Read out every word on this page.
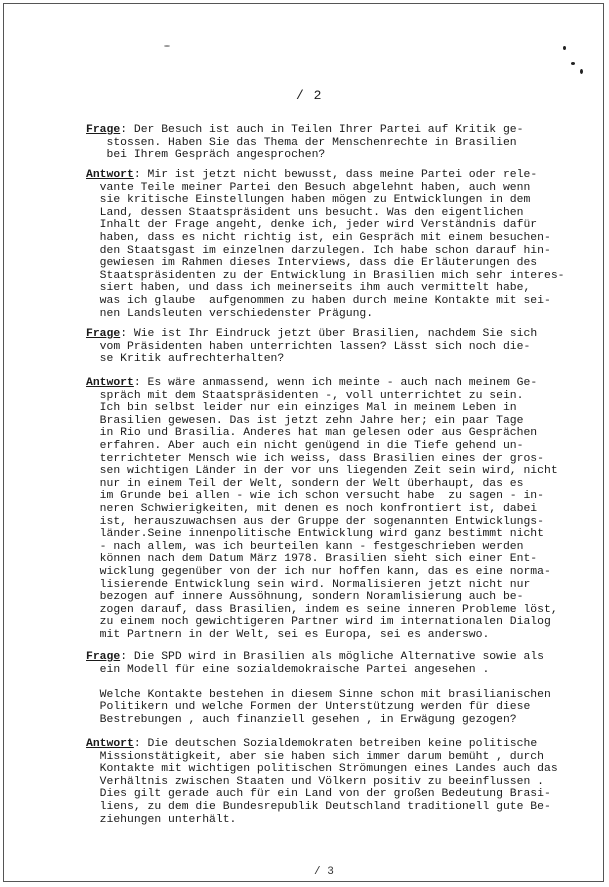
/ 2
Frage: Der Besuch ist auch in Teilen Ihrer Partei auf Kritik ge-
stossen. Haben Sie das Thema der Menschenrechte in Brasilien
bei Ihrem Gespräch angesprochen?
Antwort: Mir ist jetzt nicht bewusst, dass meine Partei oder rele-
vante Teile meiner Partei den Besuch abgelehnt haben, auch wenn
sie kritische Einstellungen haben mögen zu Entwicklungen in dem
Land, dessen Staatspräsident uns besucht. Was den eigentlichen
Inhalt der Frage angeht, denke ich, jeder wird Verständnis dafür
haben, dass es nicht richtig ist, ein Gespräch mit einem besuchen-
den Staatsgast im einzelnen darzulegen. Ich habe schon darauf hin-
gewiesen im Rahmen dieses Interviews, dass die Erläuterungen des
Staatspräsidenten zu der Entwicklung in Brasilien mich sehr interes-
siert haben, und dass ich meinerseits ihm auch vermittelt habe,
was ich glaube  aufgenommen zu haben durch meine Kontakte mit sei-
nen Landsleuten verschiedenster Prägung.
Frage: Wie ist Ihr Eindruck jetzt über Brasilien, nachdem Sie sich
vom Präsidenten haben unterrichten lassen? Lässt sich noch die-
se Kritik aufrechterhalten?
Antwort: Es wäre anmassend, wenn ich meinte - auch nach meinem Ge-
spräch mit dem Staatspräsidenten -, voll unterrichtet zu sein.
Ich bin selbst leider nur ein einziges Mal in meinem Leben in
Brasilien gewesen. Das ist jetzt zehn Jahre her; ein paar Tage
in Rio und Brasilia. Anderes hat man gelesen oder aus Gesprächen
erfahren. Aber auch ein nicht genügend in die Tiefe gehend un-
terrichteter Mensch wie ich weiss, dass Brasilien eines der gros-
sen wichtigen Länder in der vor uns liegenden Zeit sein wird, nicht
nur in einem Teil der Welt, sondern der Welt überhaupt, das es
im Grunde bei allen - wie ich schon versucht habe  zu sagen - in-
neren Schwierigkeiten, mit denen es noch konfrontiert ist, dabei
ist, herauszuwachsen aus der Gruppe der sogenannten Entwicklungs-
länder.Seine innenpolitische Entwicklung wird ganz bestimmt nicht
- nach allem, was ich beurteilen kann - festgeschrieben werden
können nach dem Datum März 1978. Brasilien sieht sich einer Ent-
wicklung gegenüber von der ich nur hoffen kann, das es eine norma-
lisierende Entwicklung sein wird. Normalisieren jetzt nicht nur
bezogen auf innere Aussöhnung, sondern Noramlisierung auch be-
zogen darauf, dass Brasilien, indem es seine inneren Probleme löst,
zu einem noch gewichtigeren Partner wird im internationalen Dialog
mit Partnern in der Welt, sei es Europa, sei es anderswo.
Frage: Die SPD wird in Brasilien als mögliche Alternative sowie als
ein Modell für eine sozialdemokraische Partei angesehen .

Welche Kontakte bestehen in diesem Sinne schon mit brasilianischen
Politikern und welche Formen der Unterstützung werden für diese
Bestrebungen , auch finanziell gesehen , in Erwägung gezogen?
Antwort: Die deutschen Sozialdemokraten betreiben keine politische
Missionstätigkeit, aber sie haben sich immer darum bemüht , durch
Kontakte mit wichtigen politischen Strömungen eines Landes auch das
Verhältnis zwischen Staaten und Völkern positiv zu beeinflussen .
Dies gilt gerade auch für ein Land von der großen Bedeutung Brasi-
liens, zu dem die Bundesrepublik Deutschland traditionell gute Be-
ziehungen unterhält.
/ 3
